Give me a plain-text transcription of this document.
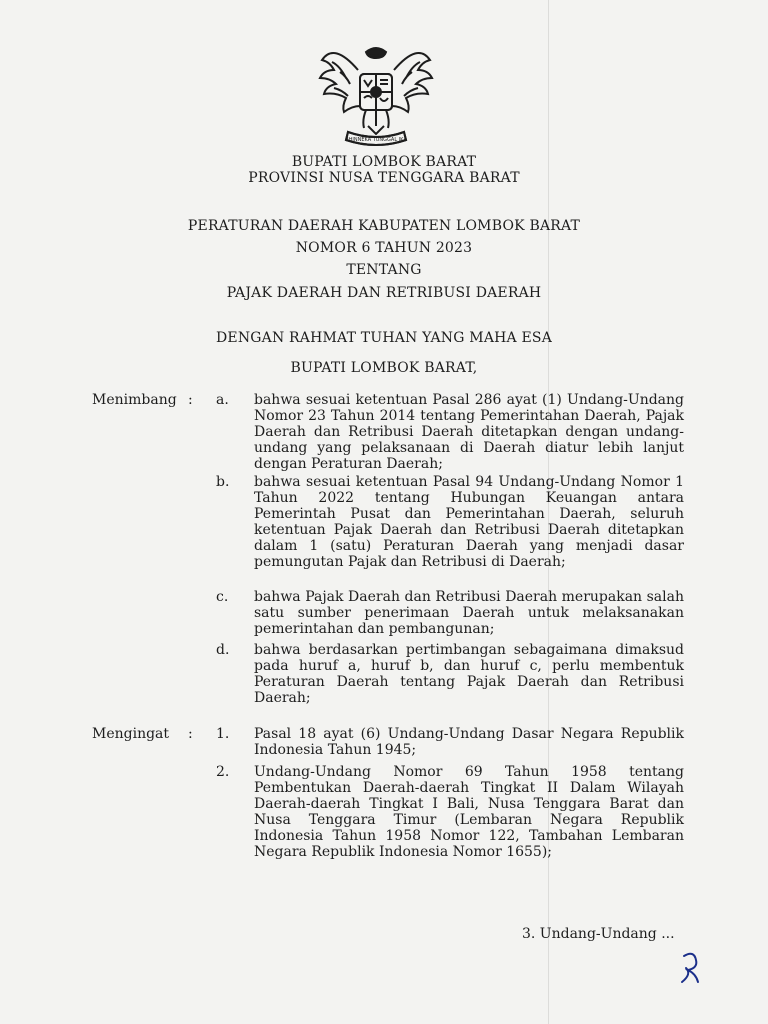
BHINNEKA TUNGGAL IKA
BUPATI LOMBOK BARAT
PROVINSI NUSA TENGGARA BARAT
PERATURAN DAERAH KABUPATEN LOMBOK BARAT
NOMOR 6 TAHUN 2023
TENTANG
PAJAK DAERAH DAN RETRIBUSI DAERAH
DENGAN RAHMAT TUHAN YANG MAHA ESA
BUPATI LOMBOK BARAT,
Menimbang : a. bahwa sesuai ketentuan Pasal 286 ayat (1) Undang-Undang Nomor 23 Tahun 2014 tentang Pemerintahan Daerah, Pajak Daerah dan Retribusi Daerah ditetapkan dengan undang-undang yang pelaksanaan di Daerah diatur lebih lanjut dengan Peraturan Daerah;
b. bahwa sesuai ketentuan Pasal 94 Undang-Undang Nomor 1 Tahun 2022 tentang Hubungan Keuangan antara Pemerintah Pusat dan Pemerintahan Daerah, seluruh ketentuan Pajak Daerah dan Retribusi Daerah ditetapkan dalam 1 (satu) Peraturan Daerah yang menjadi dasar pemungutan Pajak dan Retribusi di Daerah;
c. bahwa Pajak Daerah dan Retribusi Daerah merupakan salah satu sumber penerimaan Daerah untuk melaksanakan pemerintahan dan pembangunan;
d. bahwa berdasarkan pertimbangan sebagaimana dimaksud pada huruf a, huruf b, dan huruf c, perlu membentuk Peraturan Daerah tentang Pajak Daerah dan Retribusi Daerah;
Mengingat : 1. Pasal 18 ayat (6) Undang-Undang Dasar Negara Republik Indonesia Tahun 1945;
2. Undang-Undang Nomor 69 Tahun 1958 tentang Pembentukan Daerah-daerah Tingkat II Dalam Wilayah Daerah-daerah Tingkat I Bali, Nusa Tenggara Barat dan Nusa Tenggara Timur (Lembaran Negara Republik Indonesia Tahun 1958 Nomor 122, Tambahan Lembaran Negara Republik Indonesia Nomor 1655);
3. Undang-Undang ...
